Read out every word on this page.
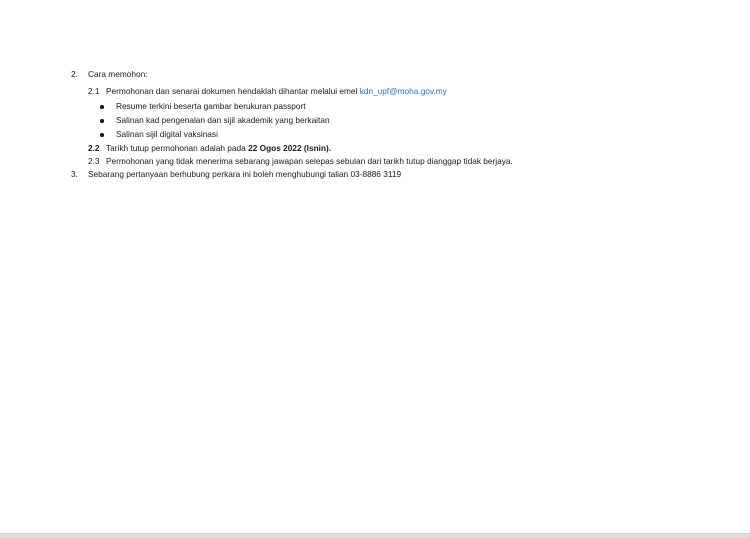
2. Cara memohon:
2.1 Permohonan dan senarai dokumen hendaklah dihantar melalui emel kdn_upf@moha.gov.my
Resume terkini beserta gambar berukuran passport
Salinan kad pengenalan dan sijil akademik yang berkaitan
Salinan sijil digital vaksinasi
2.2 Tarikh tutup permohonan adalah pada 22 Ogos 2022 (Isnin).
2.3 Permohonan yang tidak menerima sebarang jawapan selepas sebulan dari tarikh tutup dianggap tidak berjaya.
3. Sebarang pertanyaan berhubung perkara ini boleh menghubungi talian 03-8886 3119
